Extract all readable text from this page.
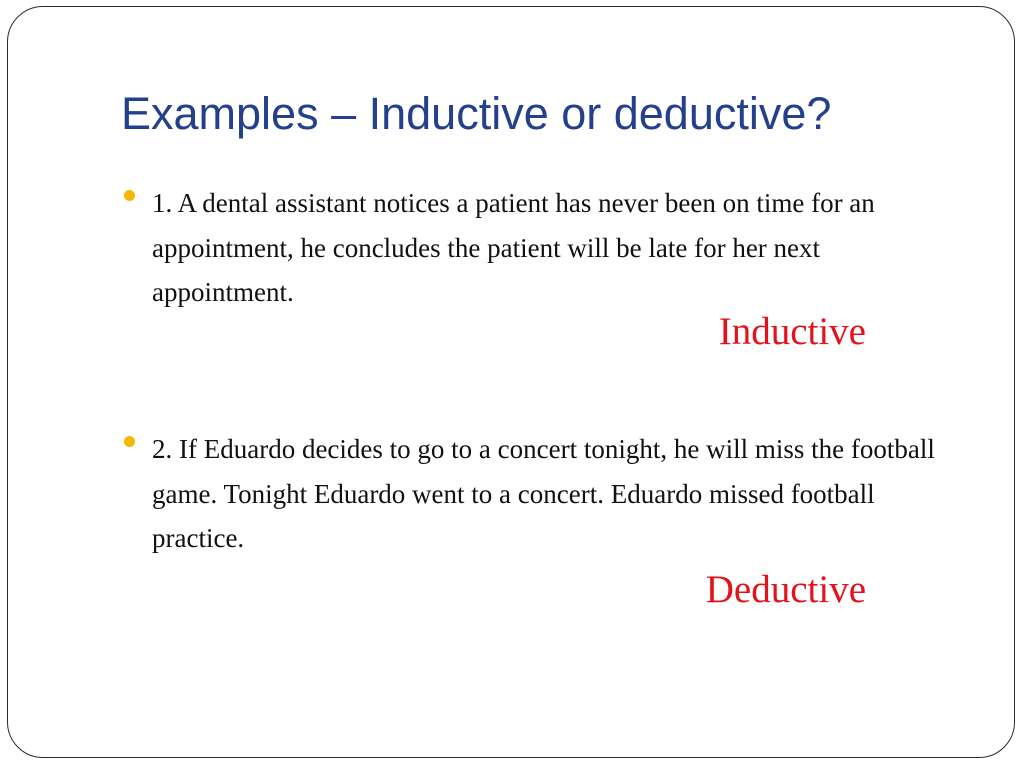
Examples – Inductive or deductive?

1. A dental assistant notices a patient has never been on time for an appointment, he concludes the patient will be late for her next appointment.

Inductive

2. If Eduardo decides to go to a concert tonight, he will miss the football game. Tonight Eduardo went to a concert. Eduardo missed football practice.

Deductive
